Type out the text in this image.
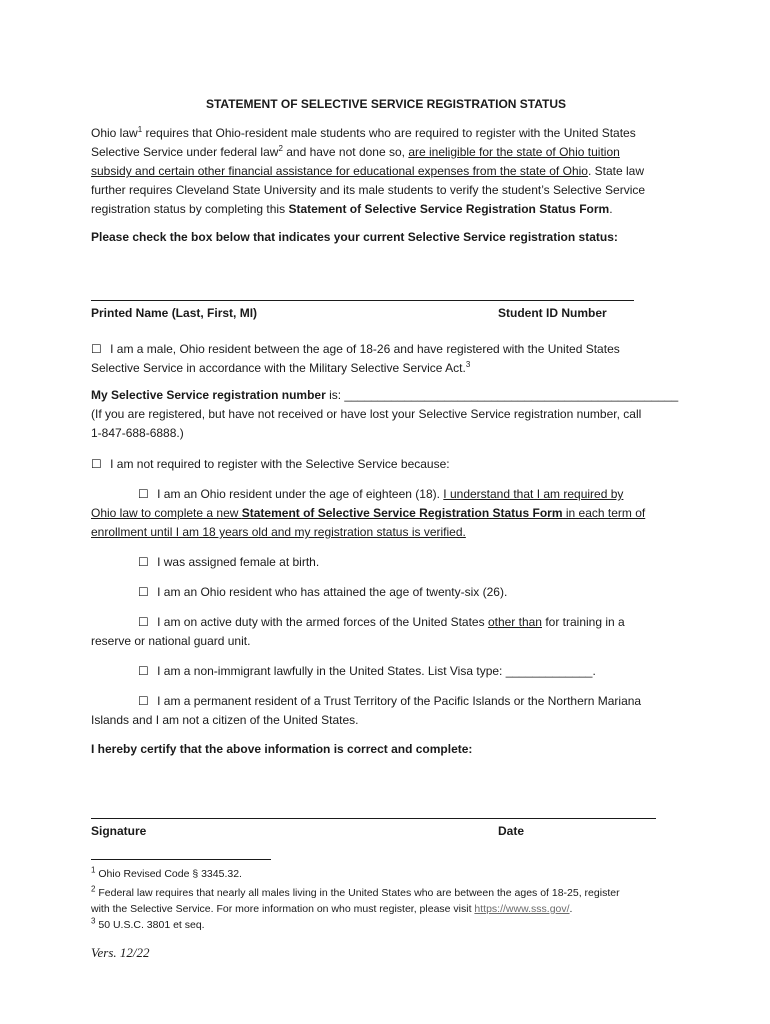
STATEMENT OF SELECTIVE SERVICE REGISTRATION STATUS
Ohio law$^1$ requires that Ohio-resident male students who are required to register with the United States
Selective Service under federal law$^2$ and have not done so, are ineligible for the state of Ohio tuition
subsidy and certain other financial assistance for educational expenses from the state of Ohio. State law
further requires Cleveland State University and its male students to verify the student’s Selective Service
registration status by completing this Statement of Selective Service Registration Status Form.
Please check the box below that indicates your current Selective Service registration status:
Printed Name (Last, First, MI)	Student ID Number
☐ I am a male, Ohio resident between the age of 18-26 and have registered with the United States
Selective Service in accordance with the Military Selective Service Act.$^3$
My Selective Service registration number is: __________________________________________________
(If you are registered, but have not received or have lost your Selective Service registration number, call
1-847-688-6888.)
☐ I am not required to register with the Selective Service because:
☐ I am an Ohio resident under the age of eighteen (18). I understand that I am required by
Ohio law to complete a new Statement of Selective Service Registration Status Form in each term of
enrollment until I am 18 years old and my registration status is verified.
☐ I was assigned female at birth.
☐ I am an Ohio resident who has attained the age of twenty-six (26).
☐ I am on active duty with the armed forces of the United States other than for training in a
reserve or national guard unit.
☐ I am a non-immigrant lawfully in the United States. List Visa type: _____________.
☐ I am a permanent resident of a Trust Territory of the Pacific Islands or the Northern Mariana
Islands and I am not a citizen of the United States.
I hereby certify that the above information is correct and complete:
Signature	Date
$^1$ Ohio Revised Code § 3345.32.
$^2$ Federal law requires that nearly all males living in the United States who are between the ages of 18-25, register
with the Selective Service. For more information on who must register, please visit https://www.sss.gov/.
$^3$ 50 U.S.C. 3801 et seq.
Vers. 12/22
